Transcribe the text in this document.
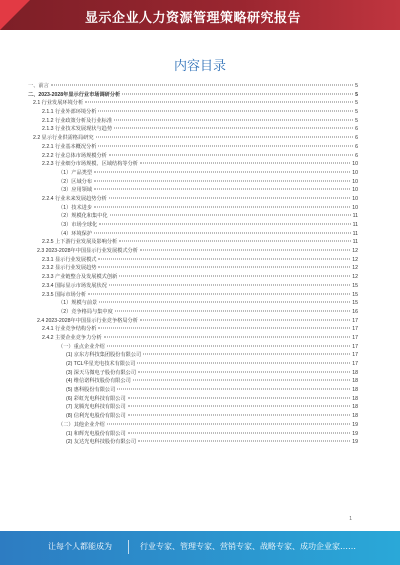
显示企业人力资源管理策略研究报告
内容目录
一、前言	5
二、2023-2028年显示行业市场调研分析	5
2.1 行业发展环境分析	5
2.1.1 行业外部环境分析	5
2.1.2 行业政策分析及行业标准	5
2.1.3 行业技术发展现状与趋势	6
2.2 显示行业供需格局研究	6
2.2.1 行业基本概况分析	6
2.2.2 行业总体市场规模分析	6
2.2.3 行业细分市场规模、区域结构等分析	10
（1）产品类型	10
（2）区域分布	10
（3）应用领域	10
2.2.4 行业未来发展趋势分析	10
（1）技术进步	10
（2）规模化和集中化	11
（3）市场全球化	11
（4）环境保护	11
2.2.5 上下游行业发展及影响分析	11
2.3 2023-2028年中国显示行业发展模式分析	12
2.3.1 显示行业发展模式	12
2.3.2 显示行业发展趋势	12
2.3.3 产业链整合及发展模式创新	12
2.3.4 国际显示市场发展状况	15
2.3.5 国际市场分析	15
（1）规模与前景	15
（2）竞争格局与集中度	16
2.4 2023-2028年中国显示行业竞争格局分析	17
2.4.1 行业竞争结构分析	17
2.4.2 主要企业竞争力分析	17
（一）重点企业介绍	17
(1) 京东方科技集团股份有限公司	17
(2) TCL华星光电技术有限公司	17
(3) 深天马微电子股份有限公司	18
(4) 维信诺科技股份有限公司	18
(5) 惠科股份有限公司	18
(6) 彩虹光电科技有限公司	18
(7) 龙腾光电科技有限公司	18
(8) 信利光电股份有限公司	18
（二）其他企业介绍	19
(1) 和辉光电股份有限公司	19
(2) 友达光电科技股份有限公司	19
1
让每个人都能成为	行业专家、管理专家、营销专家、战略专家、成功企业家……
